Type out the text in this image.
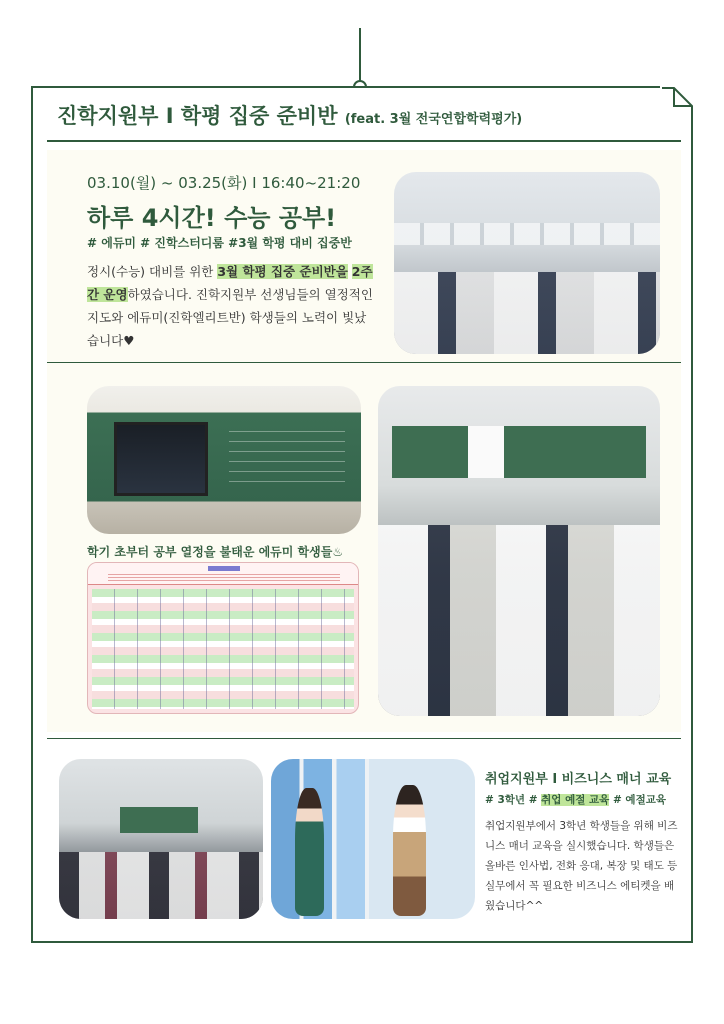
진학지원부 I 학평 집중 준비반 (feat. 3월 전국연합학력평가)
03.10(월) ~ 03.25(화) I 16:40~21:20
하루 4시간! 수능 공부!
# 에듀미 # 진학스터디룸 #3월 학평 대비 집중반
정시(수능) 대비를 위한 3월 학평 집중 준비반을 2주간 운영하였습니다. 진학지원부 선생님들의 열정적인 지도와 에듀미(진학엘리트반) 학생들의 노력이 빛났습니다♥
학기 초부터 공부 열정을 불태운 에듀미 학생들♨
취업지원부 I 비즈니스 매너 교육
# 3학년 # 취업 예절 교육 # 예절교육
취업지원부에서 3학년 학생들을 위해 비즈니스 매너 교육을 실시했습니다. 학생들은 올바른 인사법, 전화 응대, 복장 및 태도 등 실무에서 꼭 필요한 비즈니스 에티켓을 배웠습니다^^
